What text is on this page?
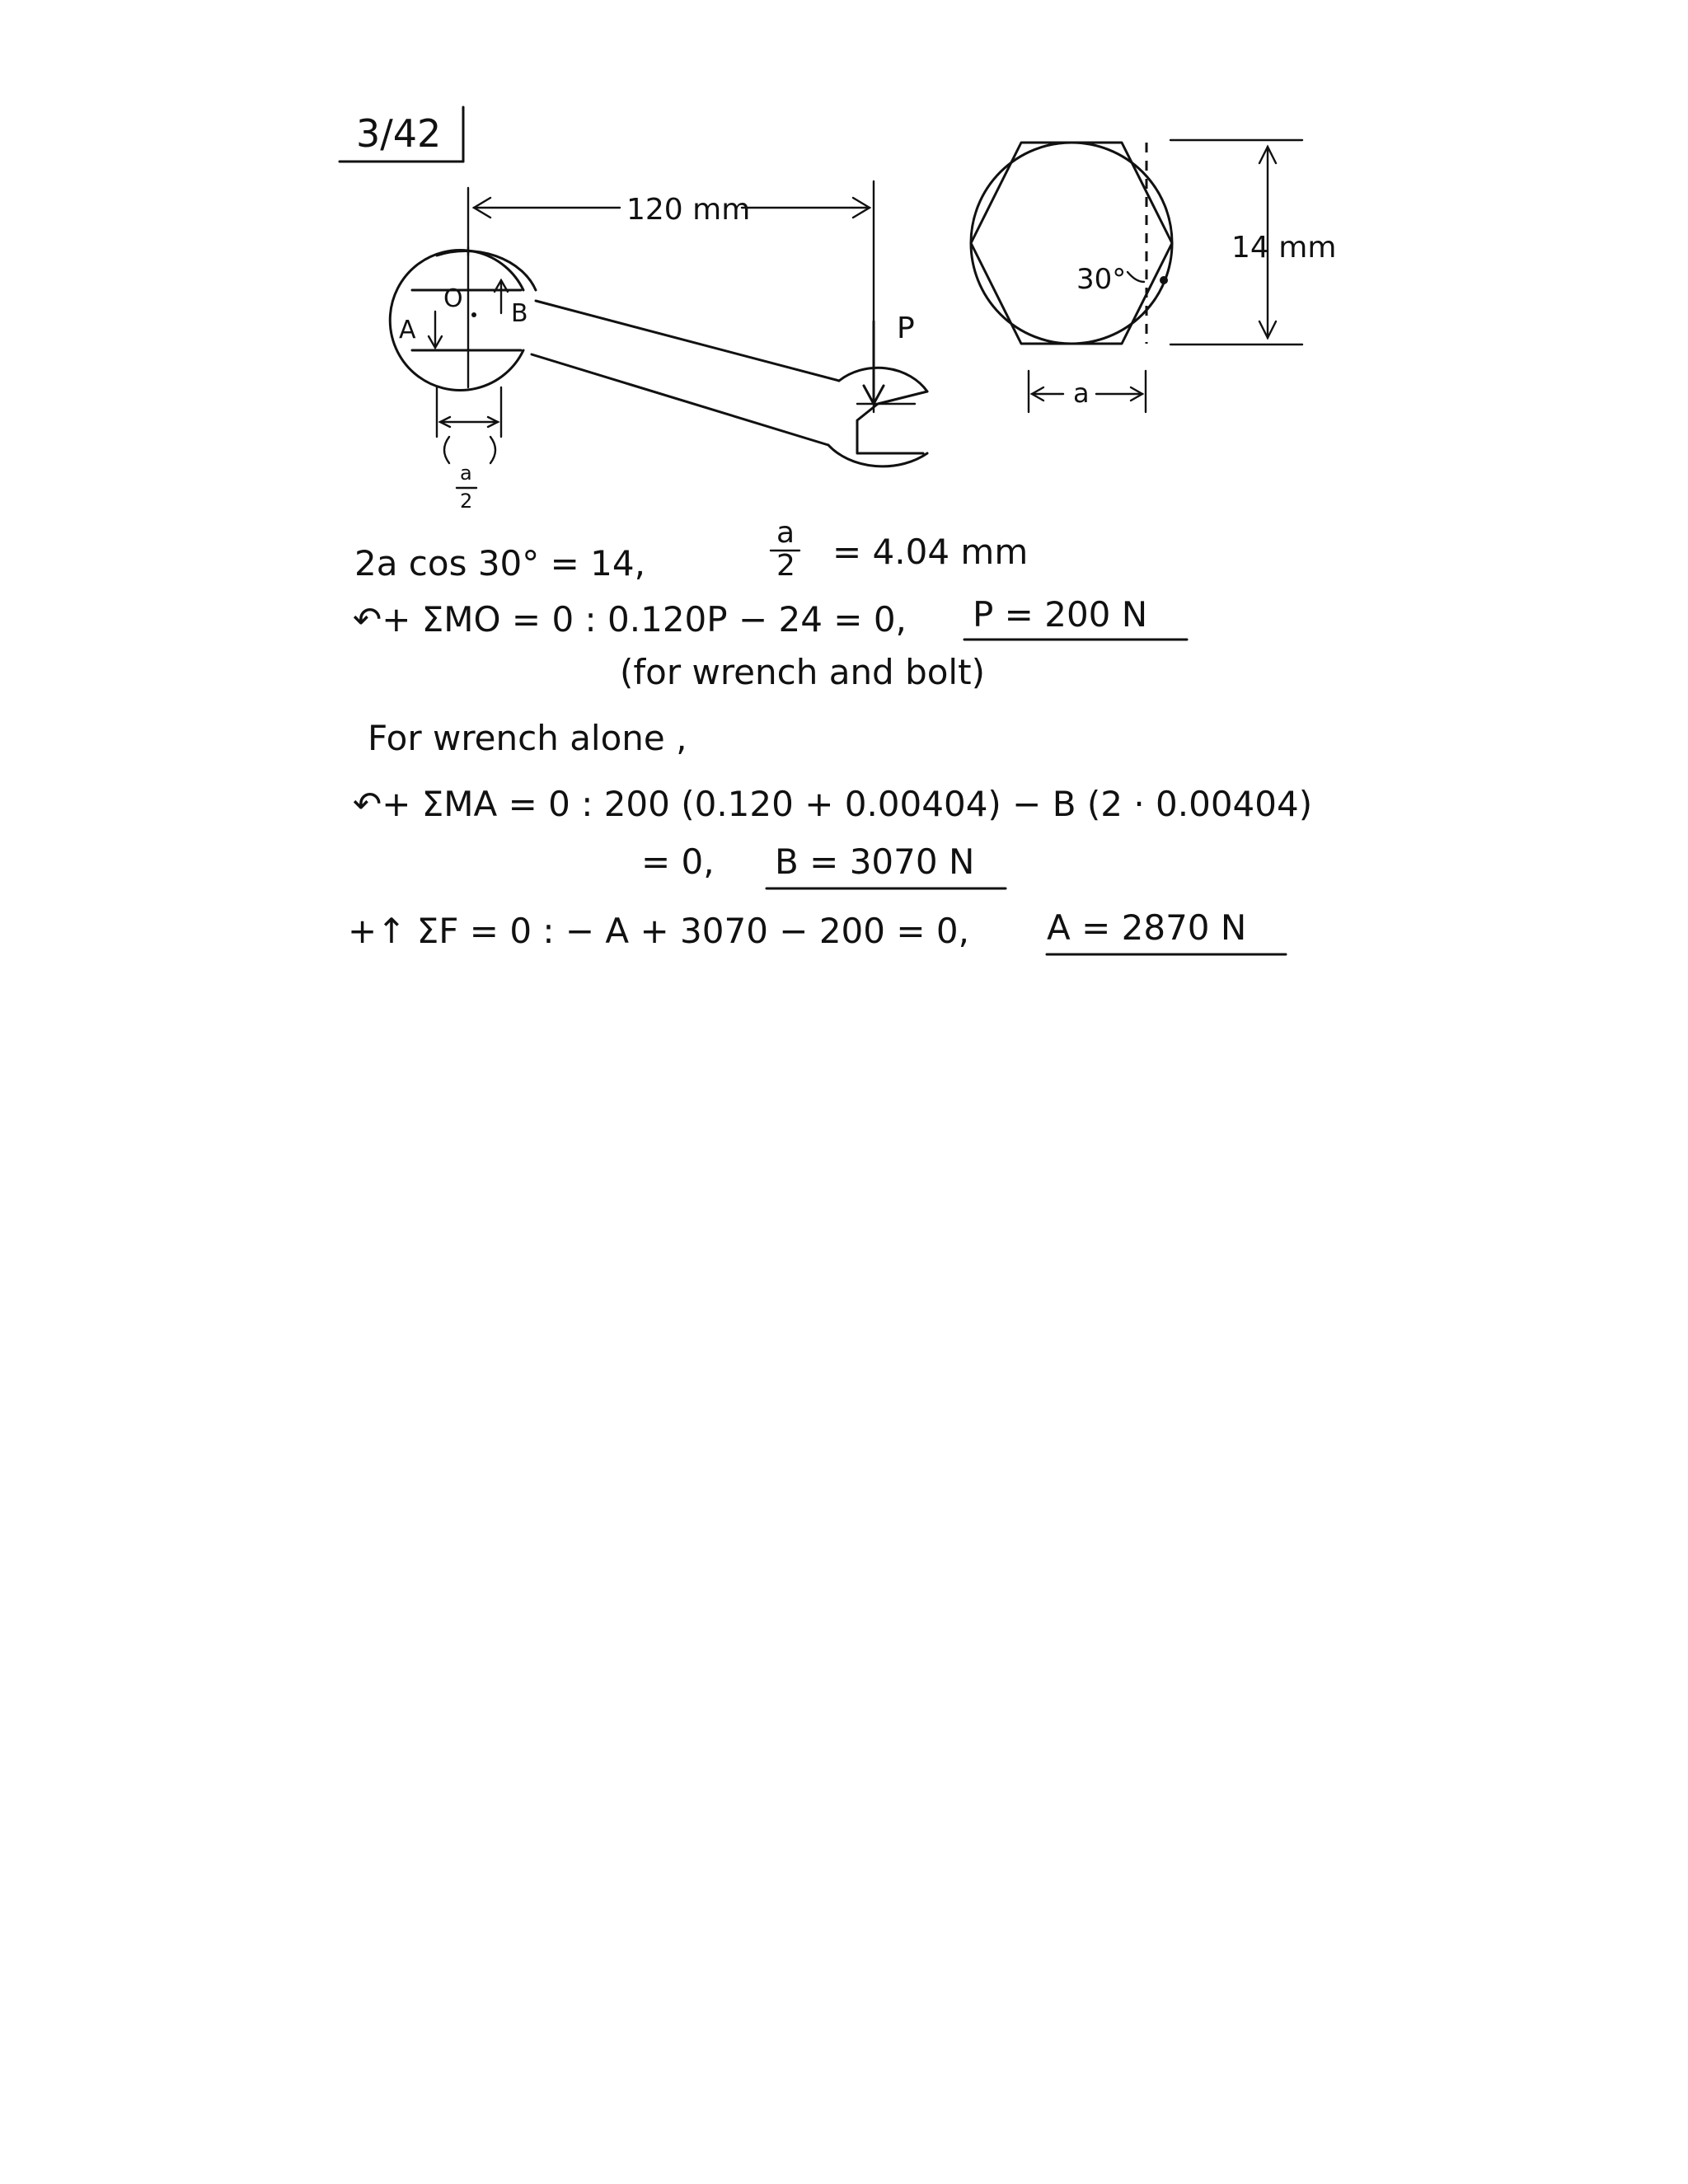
3/42
120 mm
P
O
A
B
a
2
30°
14 mm
a
2a cos 30° = 14,
a
2 = 4.04 mm
↶+ ΣMO = 0 : 0.120P − 24 = 0, P = 200 N
(for wrench and bolt)
For wrench alone ,
↶+ ΣMA = 0 : 200 (0.120 + 0.00404) − B (2 · 0.00404)
= 0, B = 3070 N
+↑ ΣF = 0 : − A + 3070 − 200 = 0, A = 2870 N
